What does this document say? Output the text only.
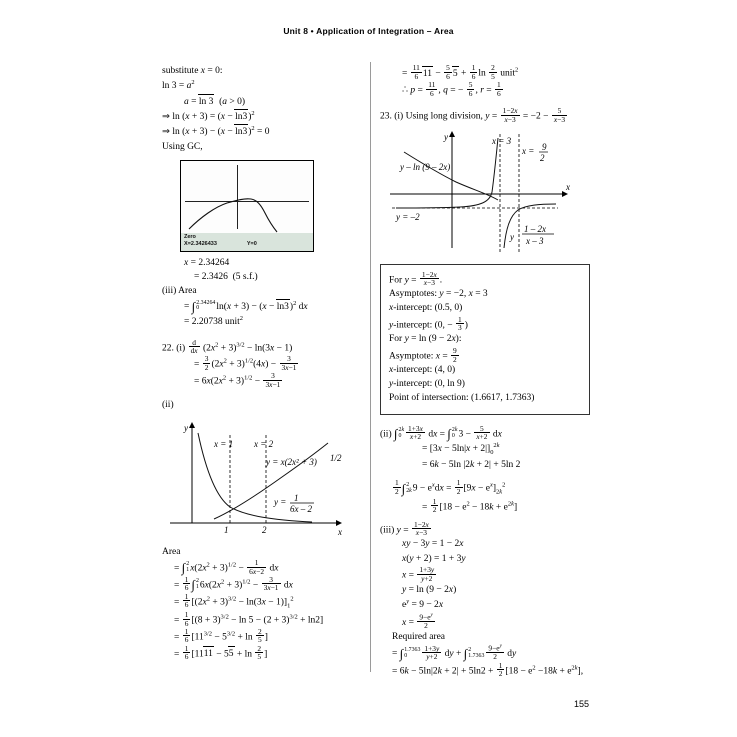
Unit 8 • Application of Integration – Area
substitute x = 0:
$\ln 3 = a^2$
a = ln 3  (a > 0)
⇒ $\ln (x + 3) = (x - \ln 3)^2$
⇒ $\ln (x + 3) - (x - \ln 3)^2 = 0$
Using GC,
Zero
X=2.3426433	Y=0
x = 2.34264
= 2.3426  (5 s.f.)
(iii) Area
= ∫ 2.34264
0	$\ln(x + 3) - (x - \ln 3)^2$ dx
= 2.20738 unit$^2$
22. $(i) \frac{d}{dx} (2x^2 + 3)^{3/2} - \ln(3x - 1)$
= $\frac{3}{2} (2x^2 + 3)^{1/2}(4x) - \frac{3}{3x-1}$
= $6x(2x^2 + 3)^{1/2} - \frac{3}{3x-1}$
(ii)
y
x
x = 1 x = 2
y = x(2x² + 3) 1/2
y = 1
6x – 2
1	2
Area
= ∫ 2
1 $x(2x^2 + 3)^{1/2} - \frac{1}{6x-2}$ dx
= $\frac{1}{6}$ ∫ 2
1 $6x(2x^2 + 3)^{1/2} - \frac{3}{3x-1}$ dx
= $\frac{1}{6} [(2x^2 + 3)^{3/2} - \ln(3x - 1)]_1^2$
= $\frac{1}{6} [(8 + 3)^{3/2} - \ln 5 - (2 + 3)^{3/2} + \ln 2]$
= $\frac{1}{6} [11^{3/2} - 5^{3/2} + \ln \frac{2}{5}$ ]
= $\frac{1}{6} [1111 - 55 + \ln \frac{2}{5}$ ]
= $\frac{11}{6} 11 - \frac{5}{6} 5 + \frac{1}{6}$ $\ln \frac{2}{5}$ unit$^2$
∴ $p = \frac{11}{6}$ , q = − $\frac{5}{6}$ , $r = \frac{1}{6}$
23. (i) Using long division, $y = \frac{1-2x}{x-3} = -2 - \frac{5}{x-3}$
y
x
x = 3
x = 9
2
y = –2
y – ln (9 – 2x)
1 – 2x
x – 3
y
For $y = \frac{1-2x}{x-3}$ .
Asymptotes: y = −2, x = 3
x-intercept: (0.5, 0)
y-intercept: (0, − $\frac{1}{3}$ )
For y = ln (9 − 2x):
Asymptote: $x = \frac{9}{2}$
x-intercept: (4, 0)
y-intercept: (0, ln 9)
Point of intersection: (1.6617, 1.7363)
(ii) ∫ 2k
$0 \frac{1+3x}{x+2}$ dx = ∫ 2k
0 $3 - \frac{5}{x+2}$ dx
= $[3x - 5\ln|x + 2|]_0^{2k}$
= 6k − 5ln |2k + 2| + 5ln 2
$\frac{1}{2}$ ∫ 2
2k $9 - e^xdx = \frac{1}{2} [9x - e^x]_{2k}^2$
= $\frac{1}{2} [18 - e^2 - 18k + e^{2k}]$
(iii) $y = \frac{1-2x}{x-3}$
xy − 3y = 1 − 2x
x(y + 2) = 1 + 3y
$x = \frac{1+3y}{y+2}$
y = ln (9 − 2x)
$e^y = 9 - 2x$
$x = \frac{9-e^y}{2}$
Required area
= ∫ 1.7363
0	$\frac{1+3y}{y+2}$ dy + ∫ 2
$1.7363 \frac{9-e^y}{2}$ dy
= $6k - 5\ln|2k + 2| + 5\ln 2 + \frac{1}{2} [18 - e^2 -18k + e^{2k}]$,
155
